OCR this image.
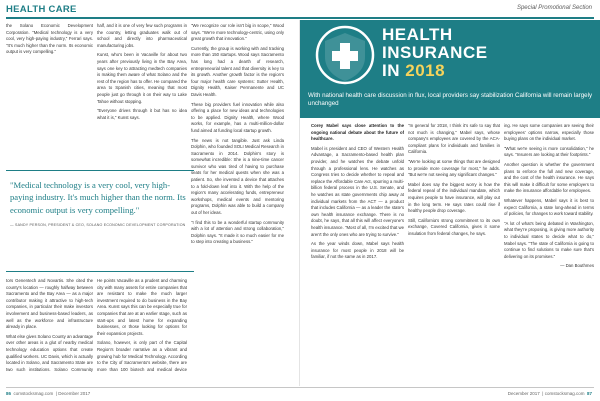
HEALTH CARE	Special Promotional Section

the Solano Economic Development Corporation. "Medical technology is a very cool, very high-paying industry," Ferrari says. "It's much higher than the norm. Its economic output is very compelling."

"Medical technology is a very cool, very high-paying industry. It's much higher than the norm. Its economic output is very compelling."
— SANDY PERSON, PRESIDENT & CEO, SOLANO ECONOMIC DEVELOPMENT CORPORATION

tors Genentech and Novartis. She cited the county's location — roughly halfway between Sacramento and the Bay Area — as a major contributor making it attractive to high-tech companies, in particular their make investors involvement and business-based leaders, as well as the workforce and infrastructure already in place.

What else gives Solano County an advantage over other areas is a glut of nearby medical technology education options that create qualified workers. UC Davis, which is actually located in Solano, and Sacramento State are two such institutions. Solano Community

half, and it is one of very few such programs in the country, letting graduates walk out of school and directly into pharmaceutical manufacturing jobs.

Kunst, who's been in Vacaville for about two years after previously living in the Bay Area, says one key to attracting medtech companies is making them aware of what Solano and the rest of the region has to offer. He compared the area to Spanish cities, meaning that most people just go through it on their way to Lake Tahoe without stopping.

"Everyone drives through it but has no idea what it is," Kunst says.

He points Vacaville as a prudent and charming city with many assets for entire companies that are resistant to make the much larger investment required to do business in the Bay Area. Kunst says this can be especially true for companies that are at an earlier stage, such as start-ups and latest home for expanding businesses, or those looking for options for their expansion projects.

Solano, however, is only part of the Capital Region's broader narrative as a vibrant and growing hub for Medical Technology. According to the City of Sacramento's website, there are more than 100 biotech and medical device

"We recognize our role isn't big in scope," Wood says. "We're more technology-centric, using only great growth that innovation."

Currently, the group is working with and tracking more than 150 startups. Wood says Sacramento has long had a dearth of research, entrepreneurial talent and that diversity is key to its growth. Another growth factor is the region's four major health care systems: Sutter Health, Dignity Health, Kaiser Permanente and UC Davis Health.

These big providers fuel innovation while also offering a place for new ideas and technologies to be applied. Dignity Health, where Wood works, for example, has a multi-million-dollar fund aimed at funding local startup growth.

The news is not tangible. Just ask Linda Dolphin, who founded SOLI Medical Research in Sacramento in 2014. Dolphin's story is somewhat incredible: She is a nine-time cancer survivor who was tired of having to purchase seats for her medical quests when she was a patient. So, she invented a device that attaches to a fold-down leaf into it. With the help of the region's many accelerating funds, entrepreneur workshops, medical events and mentoring programs, Dolphin was able to build a company out of her ideas.

"I find this to be a wonderful startup community with a lot of attention and strong collaboration," Dolphin says. "It made it so much easier for me to step into creating a business."

HEALTH
INSURANCE
IN 2018
With national health care discussion in flux, local providers say stabilization California will remain largely unchanged

Corey Mabel says close attention to the ongoing national debate about the future of healthcare.

Mabel is president and CEO of Western Health Advantage, a Sacramento-based health plan provider, and he watches the debate unfold through a professional lens. He watches as Congress tries to decide whether to repeal and replace the Affordable Care Act, spurring a multi-billion federal process in the U.S. Senate, and he watches as state governments chip away at individual markets from the ACT — a product that includes California — as a leader the state's own health insurance exchange. There is no doubt, he says, that all this will affect everyone's health insurance. "Most of all, I'm excited that we aren't the only ones who are trying to survive."

As the year winds down, Mabel says health insurance for most people in 2018 will be familiar, if not the same as in 2017.

"In general for 2018, I think it's safe to say that not much is changing," Mabel says, whose company's employees are covered by the ACA-compliant plans for individuals and families in California.

"We're looking at some things that are designed to provide more coverage for most," he adds. "But we're not seeing any significant changes."

Mabel does say the biggest worry is how the federal repeal of the individual mandate, which requires people to have insurance, will play out in the long term. He says rates could rise if healthy people drop coverage.

Still, California's strong commitment to its own exchange, Covered California, gives it some insulation from federal changes, he says.

ing. He says some companies are seeing their employees' options narrow, especially those buying plans on the individual market.

"What we're seeing is more consolidation," he says. "Insurers are looking at their footprints."

Another question is whether the government plans to enforce the full and new coverage, and the cost of the health insurance. He says this will make it difficult for some employers to make the insurance affordable for employees.

Whatever happens, Mabel says it is best to expect California, a state long-ahead in terms of policies, for changes to work toward stability.

"A lot of what's being debated in Washington, what they're proposing, is giving more authority to individual states to decide what to do," Mabel says. "The state of California is going to continue to find solutions to make sure that's delivering on its promises."

— Dan Bouthmes

86 comstocksmag.com  | December 2017	December 2017  | comstocksmag.com 87
